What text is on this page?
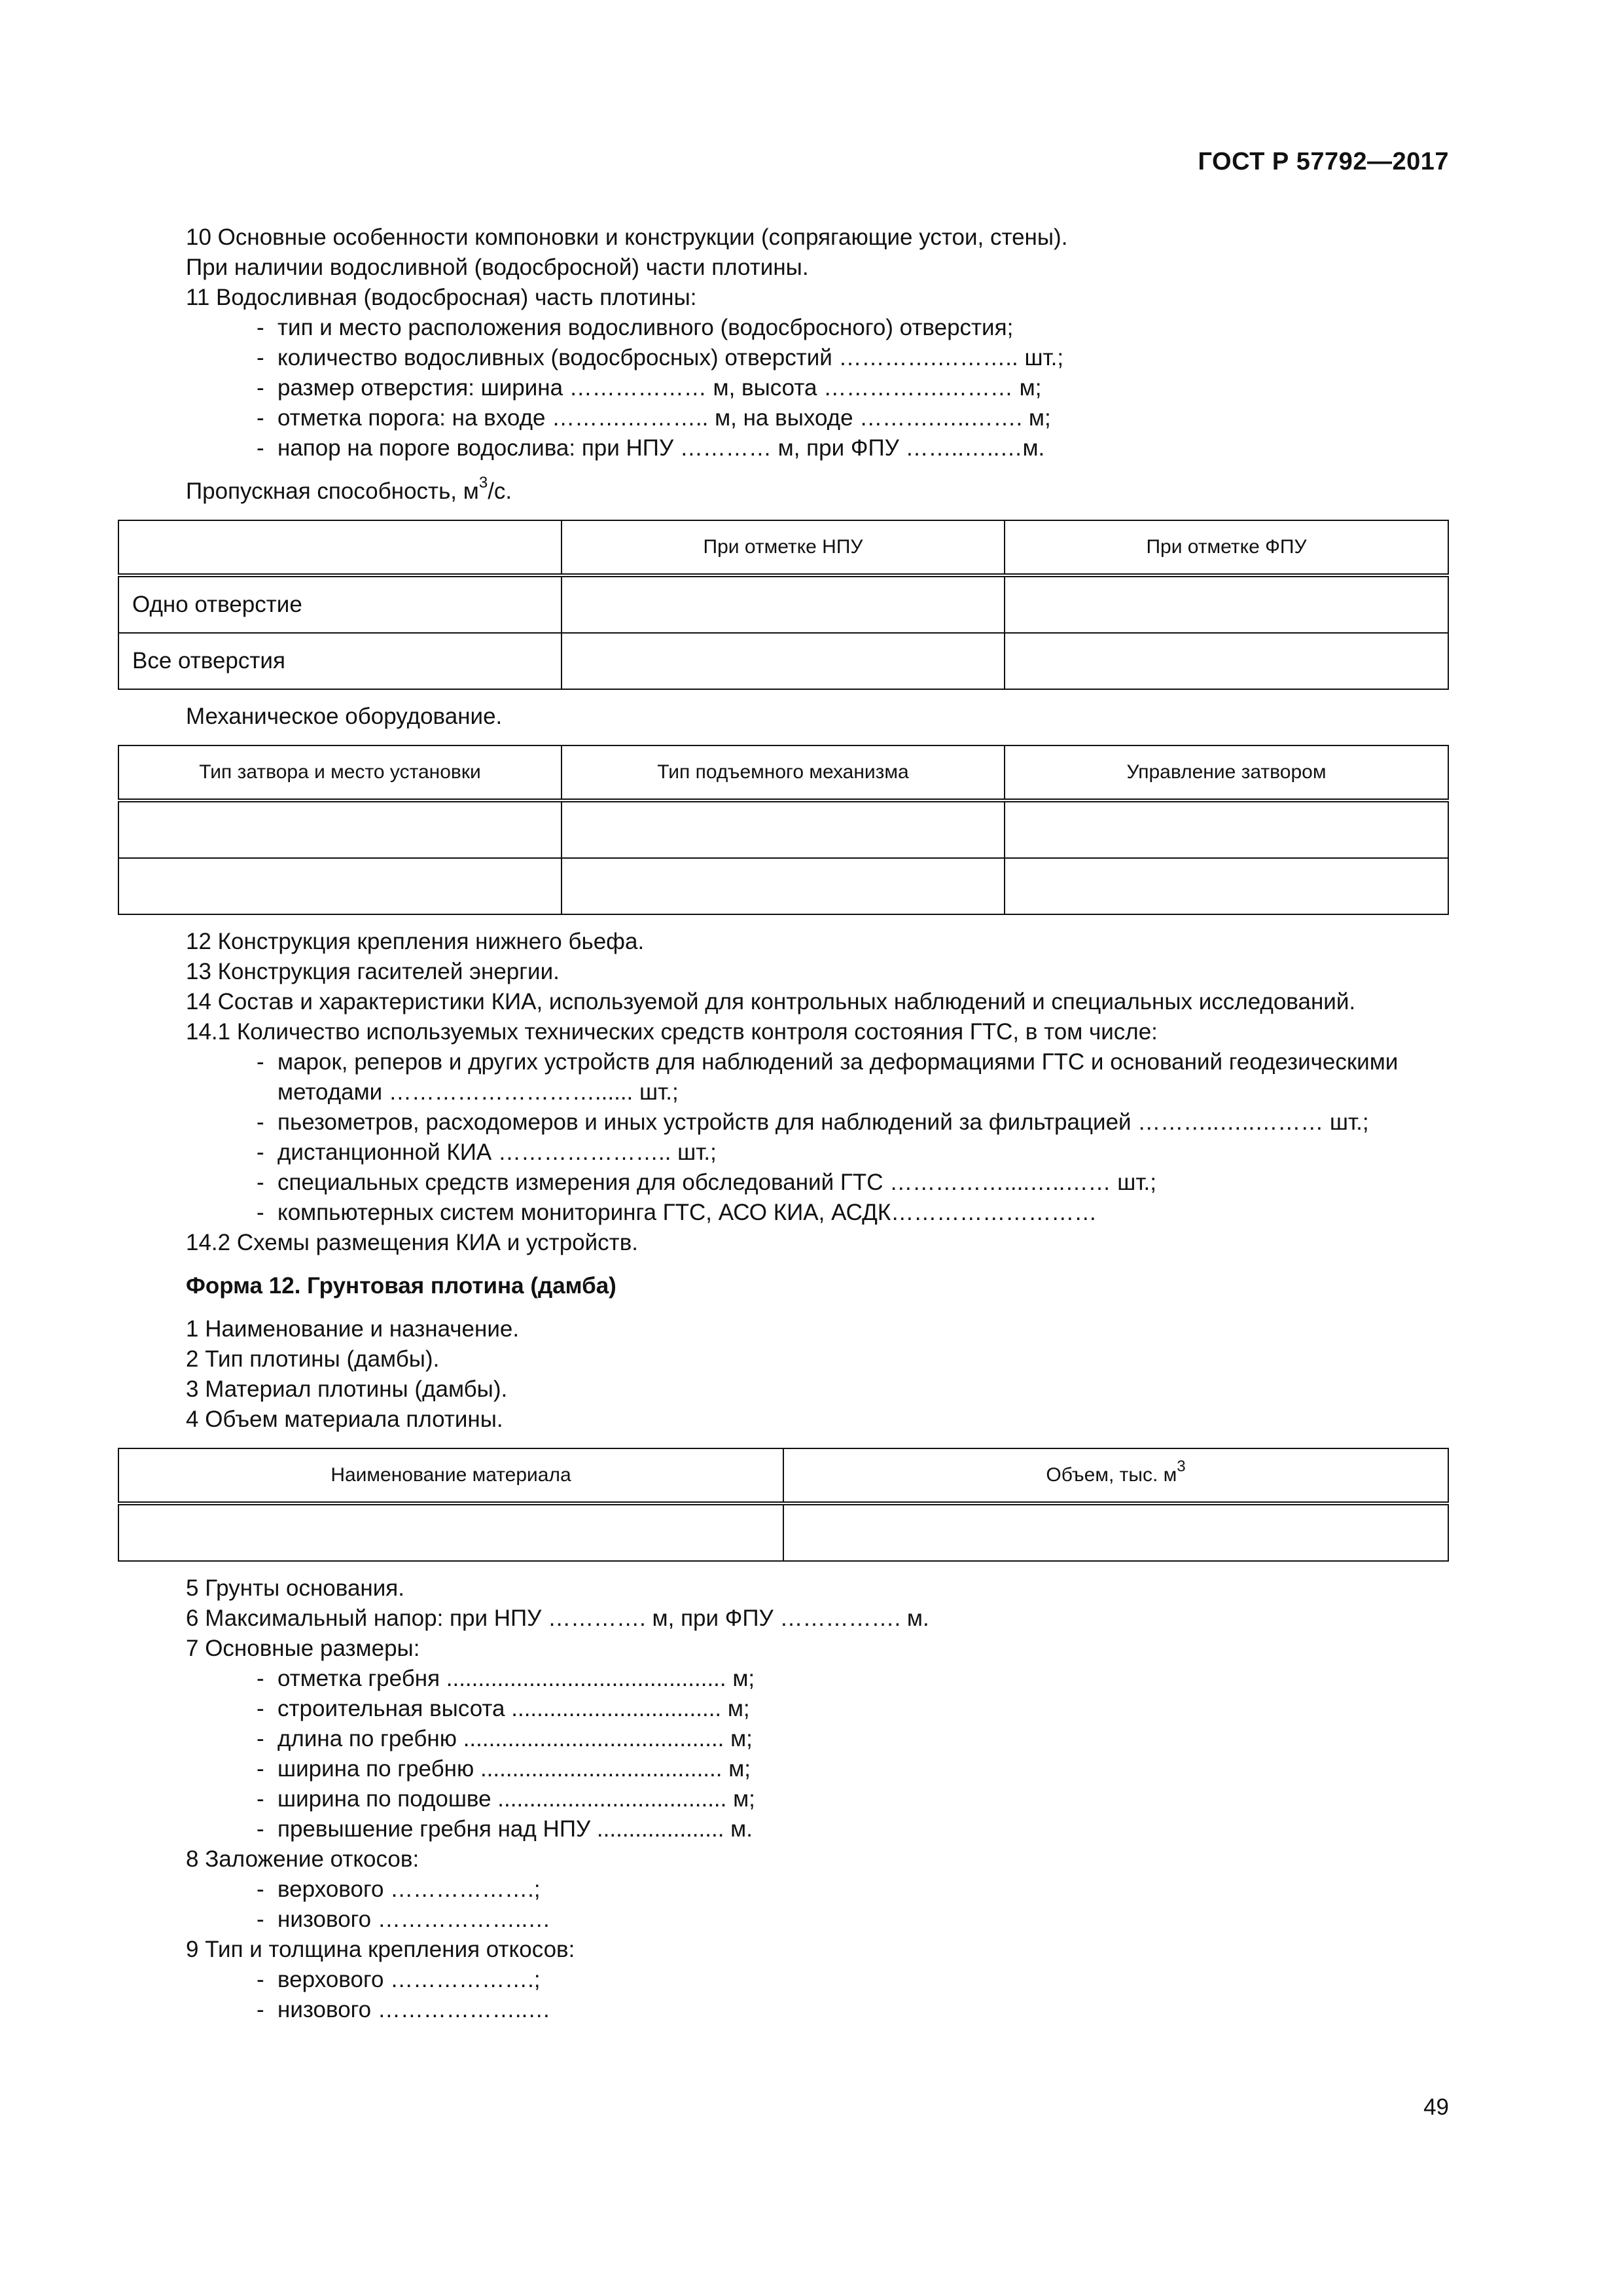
ГОСТ Р 57792—2017
10 Основные особенности компоновки и конструкции (сопрягающие устои, стены).
При наличии водосливной (водосбросной) части плотины.
11 Водосливная (водосбросная) часть плотины:
- тип и место расположения водосливного (водосбросного) отверстия;
- количество водосливных (водосбросных) отверстий ………….……….. шт.;
- размер отверстия: ширина ……………… м, высота …………….……… м;
- отметка порога: на входе ……….……….. м, на выходе ……….…..……. м;
- напор на пороге водослива: при НПУ ………… м, при ФПУ ……..…..…м.
Пропускная способность, $м^3/с$.
	При отметке НПУ	При отметке ФПУ
Одно отверстие		
Все отверстия		
Механическое оборудование.
Тип затвора и место установки	Тип подъемного механизма	Управление затвором

12 Конструкция крепления нижнего бьефа.
13 Конструкция гасителей энергии.
14 Состав и характеристики КИА, используемой для контрольных наблюдений и специальных исследований.
14.1 Количество используемых технических средств контроля состояния ГТС, в том числе:
- марок, реперов и других устройств для наблюдений за деформациями ГТС и оснований геодезическими методами ………………………...... шт.;
- пьезометров, расходомеров и иных устройств для наблюдений за фильтрацией ………..…..……… шт.;
- дистанционной КИА ………………….. шт.;
- специальных средств измерения для обследований ГТС ……………....…..…… шт.;
- компьютерных систем мониторинга ГТС, АСО КИА, АСДК………………………
14.2 Схемы размещения КИА и устройств.
Форма 12. Грунтовая плотина (дамба)
1 Наименование и назначение.
2 Тип плотины (дамбы).
3 Материал плотины (дамбы).
4 Объем материала плотины.
Наименование материала	Объем, тыс. $м^3$

5 Грунты основания.
6 Максимальный напор: при НПУ …………. м, при ФПУ ……………. м.
7 Основные размеры:
- отметка гребня ............................................ м;
- строительная высота ................................. м;
- длина по гребню ......................................... м;
- ширина по гребню ...................................... м;
- ширина по подошве .................................... м;
- превышение гребня над НПУ .................... м.
8 Заложение откосов:
- верхового ……………….;
- низового ………………..…
9 Тип и толщина крепления откосов:
- верхового ……………….;
- низового ………………..…
49
